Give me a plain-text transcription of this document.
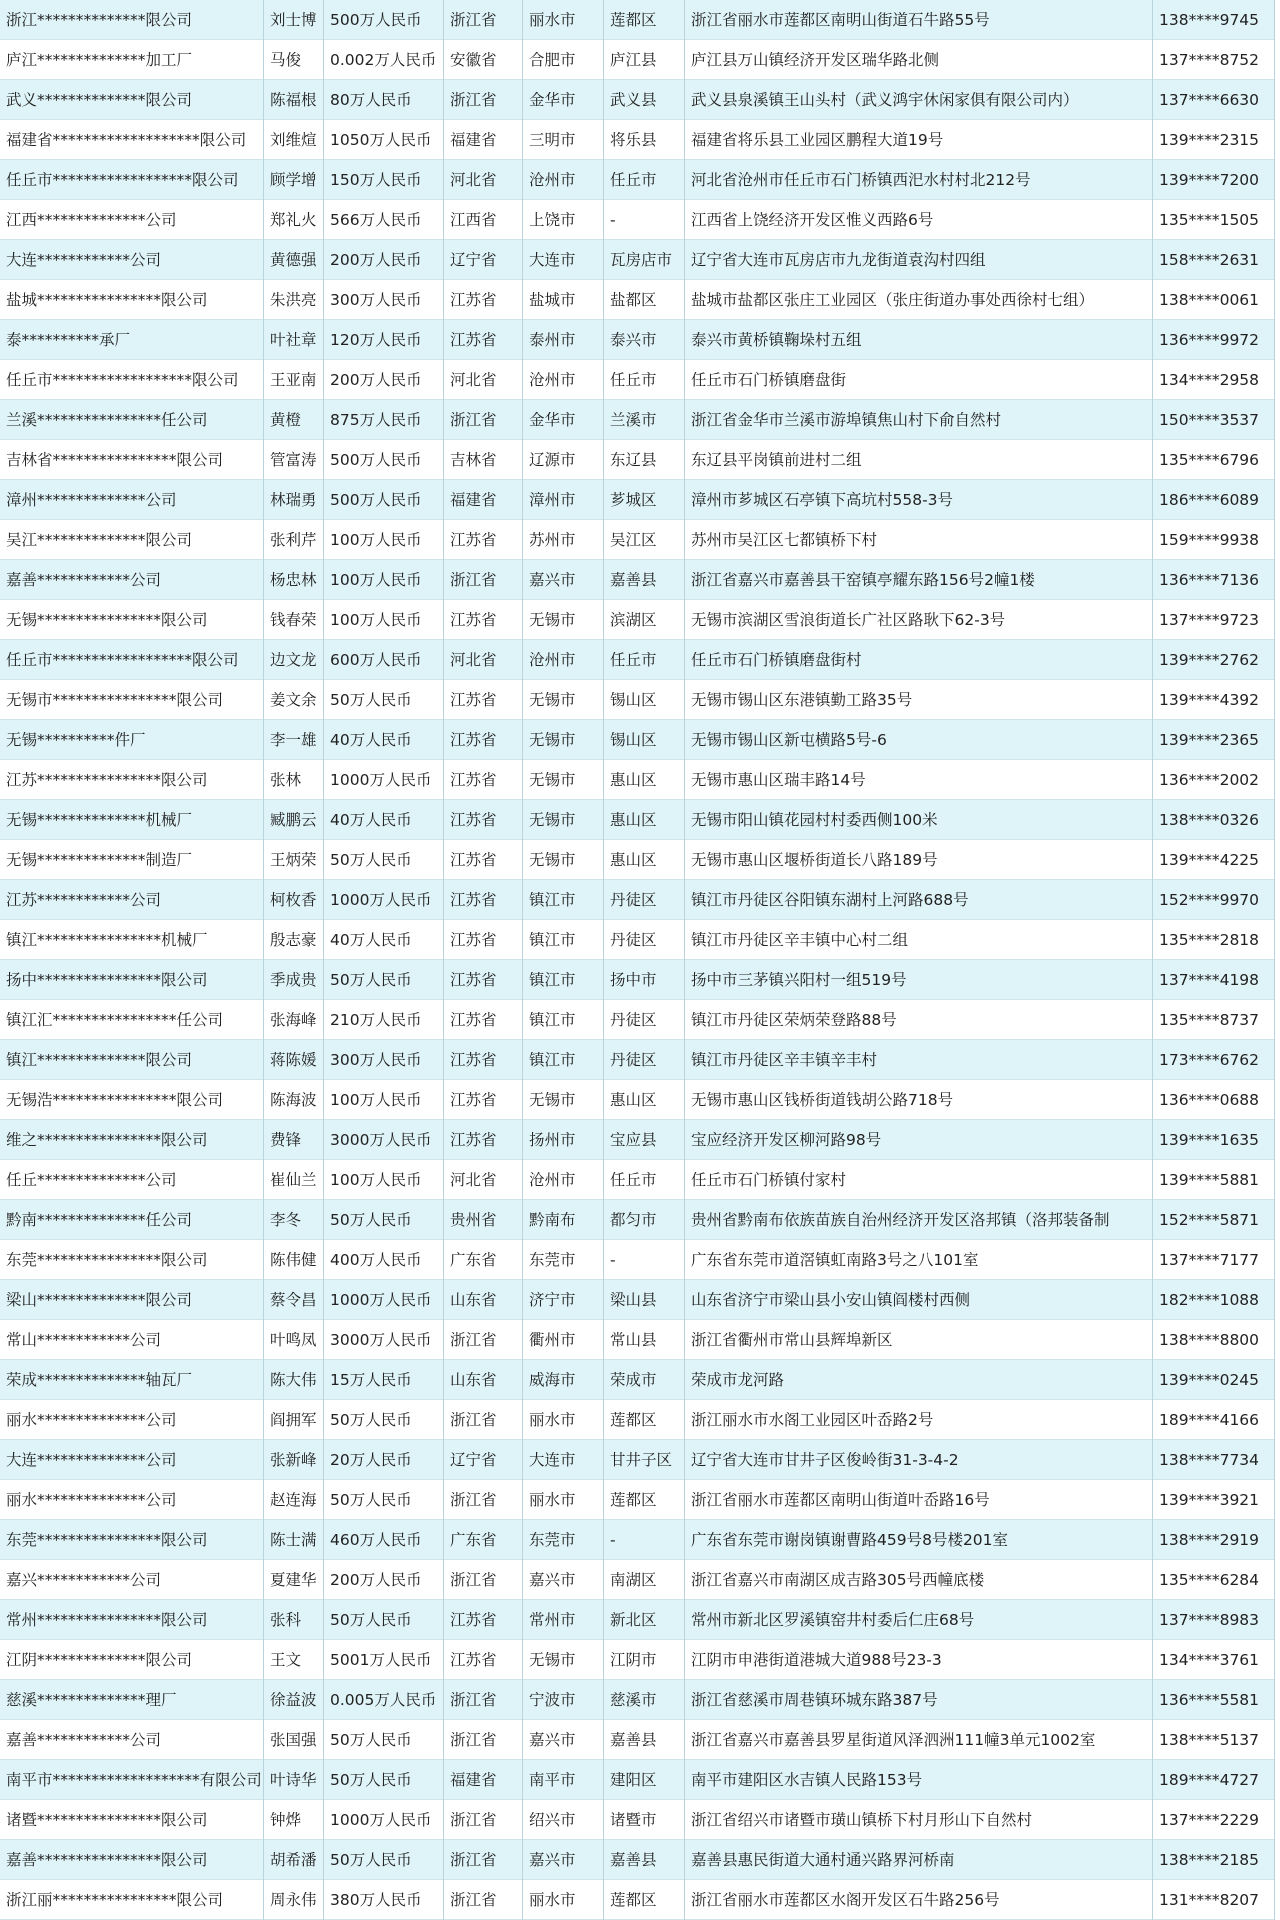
浙江**************限公司	刘士博 500万人民币	浙江省	丽水市	莲都区	浙江省丽水市莲都区南明山街道石牛路55号	138****9745
庐江**************加工厂	马俊	0.002万人民币 安徽省	合肥市	庐江县	庐江县万山镇经济开发区瑞华路北侧	137****8752
武义**************限公司	陈福根 80万人民币	浙江省	金华市	武义县	武义县泉溪镇王山头村（武义鸿宇休闲家俱有限公司内）	137****6630
福建省*******************限公司	刘维煊 1050万人民币	福建省	三明市	将乐县	福建省将乐县工业园区鹏程大道19号	139****2315
任丘市******************限公司	顾学增 150万人民币	河北省	沧州市	任丘市	河北省沧州市任丘市石门桥镇西汜水村村北212号	139****7200
江西**************公司	郑礼火 566万人民币	江西省	上饶市	-	江西省上饶经济开发区惟义西路6号	135****1505
大连************公司	黄德强 200万人民币	辽宁省	大连市	瓦房店市	辽宁省大连市瓦房店市九龙街道袁沟村四组	158****2631
盐城****************限公司	朱洪亮 300万人民币	江苏省	盐城市	盐都区	盐城市盐都区张庄工业园区（张庄街道办事处西徐村七组）	138****0061
泰**********承厂	叶社章 120万人民币	江苏省	泰州市	泰兴市	泰兴市黄桥镇鞠垛村五组	136****9972
任丘市******************限公司	王亚南 200万人民币	河北省	沧州市	任丘市	任丘市石门桥镇磨盘街	134****2958
兰溪****************任公司	黄橙	875万人民币	浙江省	金华市	兰溪市	浙江省金华市兰溪市游埠镇焦山村下俞自然村	150****3537
吉林省****************限公司	管富涛 500万人民币	吉林省	辽源市	东辽县	东辽县平岗镇前进村二组	135****6796
漳州**************公司	林瑞勇 500万人民币	福建省	漳州市	芗城区	漳州市芗城区石亭镇下高坑村558-3号	186****6089
吴江**************限公司	张利芹 100万人民币	江苏省	苏州市	吴江区	苏州市吴江区七都镇桥下村	159****9938
嘉善************公司	杨忠林 100万人民币	浙江省	嘉兴市	嘉善县	浙江省嘉兴市嘉善县干窑镇亭耀东路156号2幢1楼	136****7136
无锡****************限公司	钱春荣 100万人民币	江苏省	无锡市	滨湖区	无锡市滨湖区雪浪街道长广社区路耿下62-3号	137****9723
任丘市******************限公司	边文龙 600万人民币	河北省	沧州市	任丘市	任丘市石门桥镇磨盘街村	139****2762
无锡市****************限公司	姜文余 50万人民币	江苏省	无锡市	锡山区	无锡市锡山区东港镇勤工路35号	139****4392
无锡**********件厂	李一雄 40万人民币	江苏省	无锡市	锡山区	无锡市锡山区新屯横路5号-6	139****2365
江苏****************限公司	张林	1000万人民币	江苏省	无锡市	惠山区	无锡市惠山区瑞丰路14号	136****2002
无锡**************机械厂	臧鹏云 40万人民币	江苏省	无锡市	惠山区	无锡市阳山镇花园村村委西侧100米	138****0326
无锡**************制造厂	王炳荣 50万人民币	江苏省	无锡市	惠山区	无锡市惠山区堰桥街道长八路189号	139****4225
江苏************公司	柯枚香 1000万人民币	江苏省	镇江市	丹徒区	镇江市丹徒区谷阳镇东湖村上河路688号	152****9970
镇江****************机械厂	殷志豪 40万人民币	江苏省	镇江市	丹徒区	镇江市丹徒区辛丰镇中心村二组	135****2818
扬中****************限公司	季成贵 50万人民币	江苏省	镇江市	扬中市	扬中市三茅镇兴阳村一组519号	137****4198
镇江汇****************任公司	张海峰 210万人民币	江苏省	镇江市	丹徒区	镇江市丹徒区荣炳荣登路88号	135****8737
镇江**************限公司	蒋陈媛 300万人民币	江苏省	镇江市	丹徒区	镇江市丹徒区辛丰镇辛丰村	173****6762
无锡浩****************限公司	陈海波 100万人民币	江苏省	无锡市	惠山区	无锡市惠山区钱桥街道钱胡公路718号	136****0688
维之****************限公司	费锋	3000万人民币	江苏省	扬州市	宝应县	宝应经济开发区柳河路98号	139****1635
任丘**************公司	崔仙兰 100万人民币	河北省	沧州市	任丘市	任丘市石门桥镇付家村	139****5881
黔南**************任公司	李冬	50万人民币	贵州省	黔南布	都匀市	贵州省黔南布依族苗族自治州经济开发区洛邦镇（洛邦装备制	152****5871
东莞****************限公司	陈伟健 400万人民币	广东省	东莞市	-	广东省东莞市道滘镇虹南路3号之八101室	137****7177
梁山**************限公司	蔡令昌 1000万人民币	山东省	济宁市	梁山县	山东省济宁市梁山县小安山镇阎楼村西侧	182****1088
常山************公司	叶鸣凤 3000万人民币	浙江省	衢州市	常山县	浙江省衢州市常山县辉埠新区	138****8800
荣成**************轴瓦厂	陈大伟 15万人民币	山东省	威海市	荣成市	荣成市龙河路	139****0245
丽水**************公司	阎拥军 50万人民币	浙江省	丽水市	莲都区	浙江丽水市水阁工业园区叶岙路2号	189****4166
大连**************公司	张新峰 20万人民币	辽宁省	大连市	甘井子区	辽宁省大连市甘井子区俊岭街31-3-4-2	138****7734
丽水**************公司	赵连海 50万人民币	浙江省	丽水市	莲都区	浙江省丽水市莲都区南明山街道叶岙路16号	139****3921
东莞****************限公司	陈士满 460万人民币	广东省	东莞市	-	广东省东莞市谢岗镇谢曹路459号8号楼201室	138****2919
嘉兴************公司	夏建华 200万人民币	浙江省	嘉兴市	南湖区	浙江省嘉兴市南湖区成吉路305号西幢底楼	135****6284
常州****************限公司	张科	50万人民币	江苏省	常州市	新北区	常州市新北区罗溪镇窑井村委后仁庄68号	137****8983
江阴**************限公司	王文	5001万人民币	江苏省	无锡市	江阴市	江阴市申港街道港城大道988号23-3	134****3761
慈溪**************理厂	徐益波 0.005万人民币 浙江省	宁波市	慈溪市	浙江省慈溪市周巷镇环城东路387号	136****5581
嘉善************公司	张国强 50万人民币	浙江省	嘉兴市	嘉善县	浙江省嘉兴市嘉善县罗星街道风泽泗洲111幢3单元1002室	138****5137
南平市*******************有限公司 叶诗华 50万人民币	福建省	南平市	建阳区	南平市建阳区水吉镇人民路153号	189****4727
诸暨****************限公司	钟烨	1000万人民币	浙江省	绍兴市	诸暨市	浙江省绍兴市诸暨市璜山镇桥下村月形山下自然村	137****2229
嘉善****************限公司	胡希潘 50万人民币	浙江省	嘉兴市	嘉善县	嘉善县惠民街道大通村通兴路界河桥南	138****2185
浙江丽****************限公司	周永伟 380万人民币	浙江省	丽水市	莲都区	浙江省丽水市莲都区水阁开发区石牛路256号	131****8207
